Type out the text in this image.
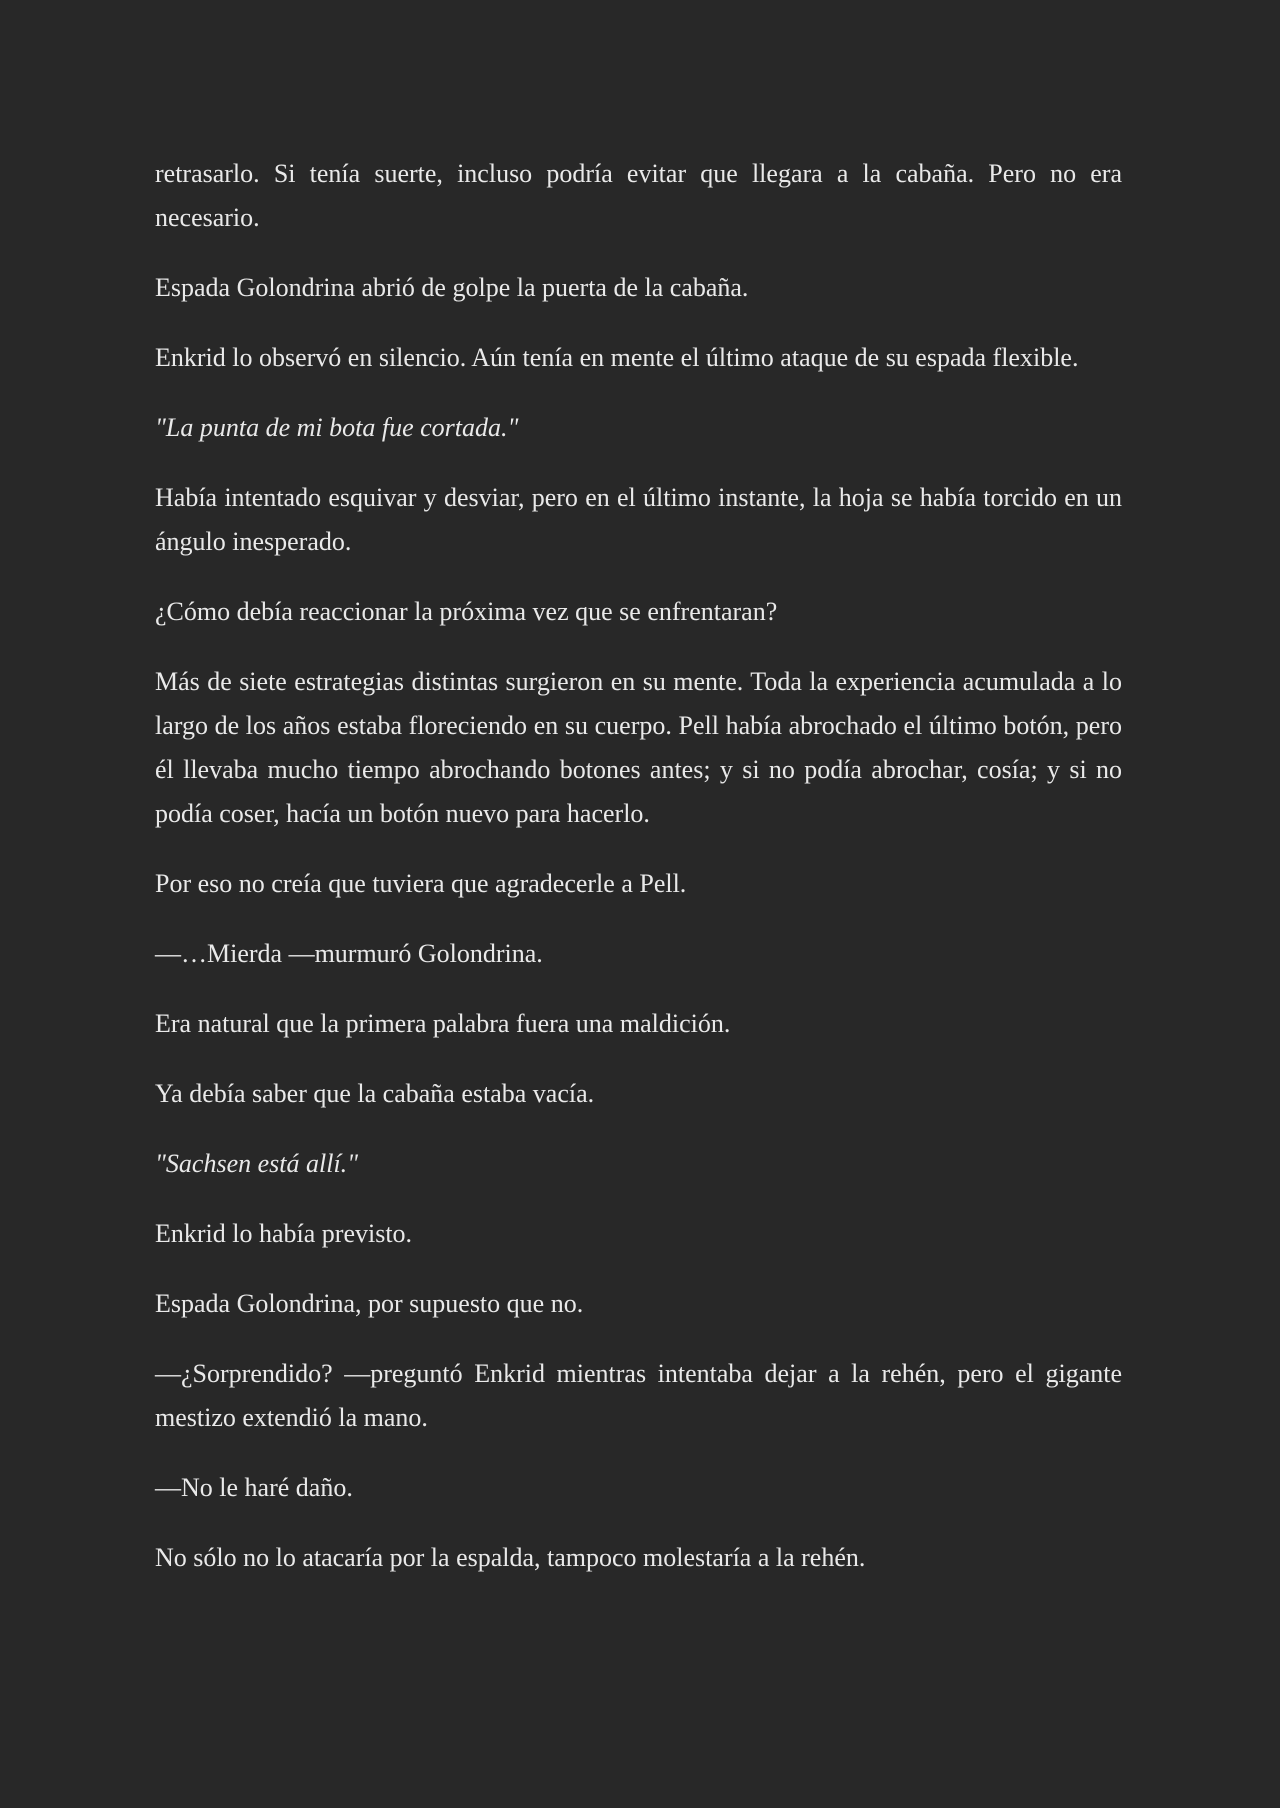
retrasarlo. Si tenía suerte, incluso podría evitar que llegara a la cabaña. Pero no era necesario.

Espada Golondrina abrió de golpe la puerta de la cabaña.

Enkrid lo observó en silencio. Aún tenía en mente el último ataque de su espada flexible.

"La punta de mi bota fue cortada."

Había intentado esquivar y desviar, pero en el último instante, la hoja se había torcido en un ángulo inesperado.

¿Cómo debía reaccionar la próxima vez que se enfrentaran?

Más de siete estrategias distintas surgieron en su mente. Toda la experiencia acumulada a lo largo de los años estaba floreciendo en su cuerpo. Pell había abrochado el último botón, pero él llevaba mucho tiempo abrochando botones antes; y si no podía abrochar, cosía; y si no podía coser, hacía un botón nuevo para hacerlo.

Por eso no creía que tuviera que agradecerle a Pell.

—…Mierda —murmuró Golondrina.

Era natural que la primera palabra fuera una maldición.

Ya debía saber que la cabaña estaba vacía.

"Sachsen está allí."

Enkrid lo había previsto.

Espada Golondrina, por supuesto que no.

—¿Sorprendido? —preguntó Enkrid mientras intentaba dejar a la rehén, pero el gigante mestizo extendió la mano.

—No le haré daño.

No sólo no lo atacaría por la espalda, tampoco molestaría a la rehén.
